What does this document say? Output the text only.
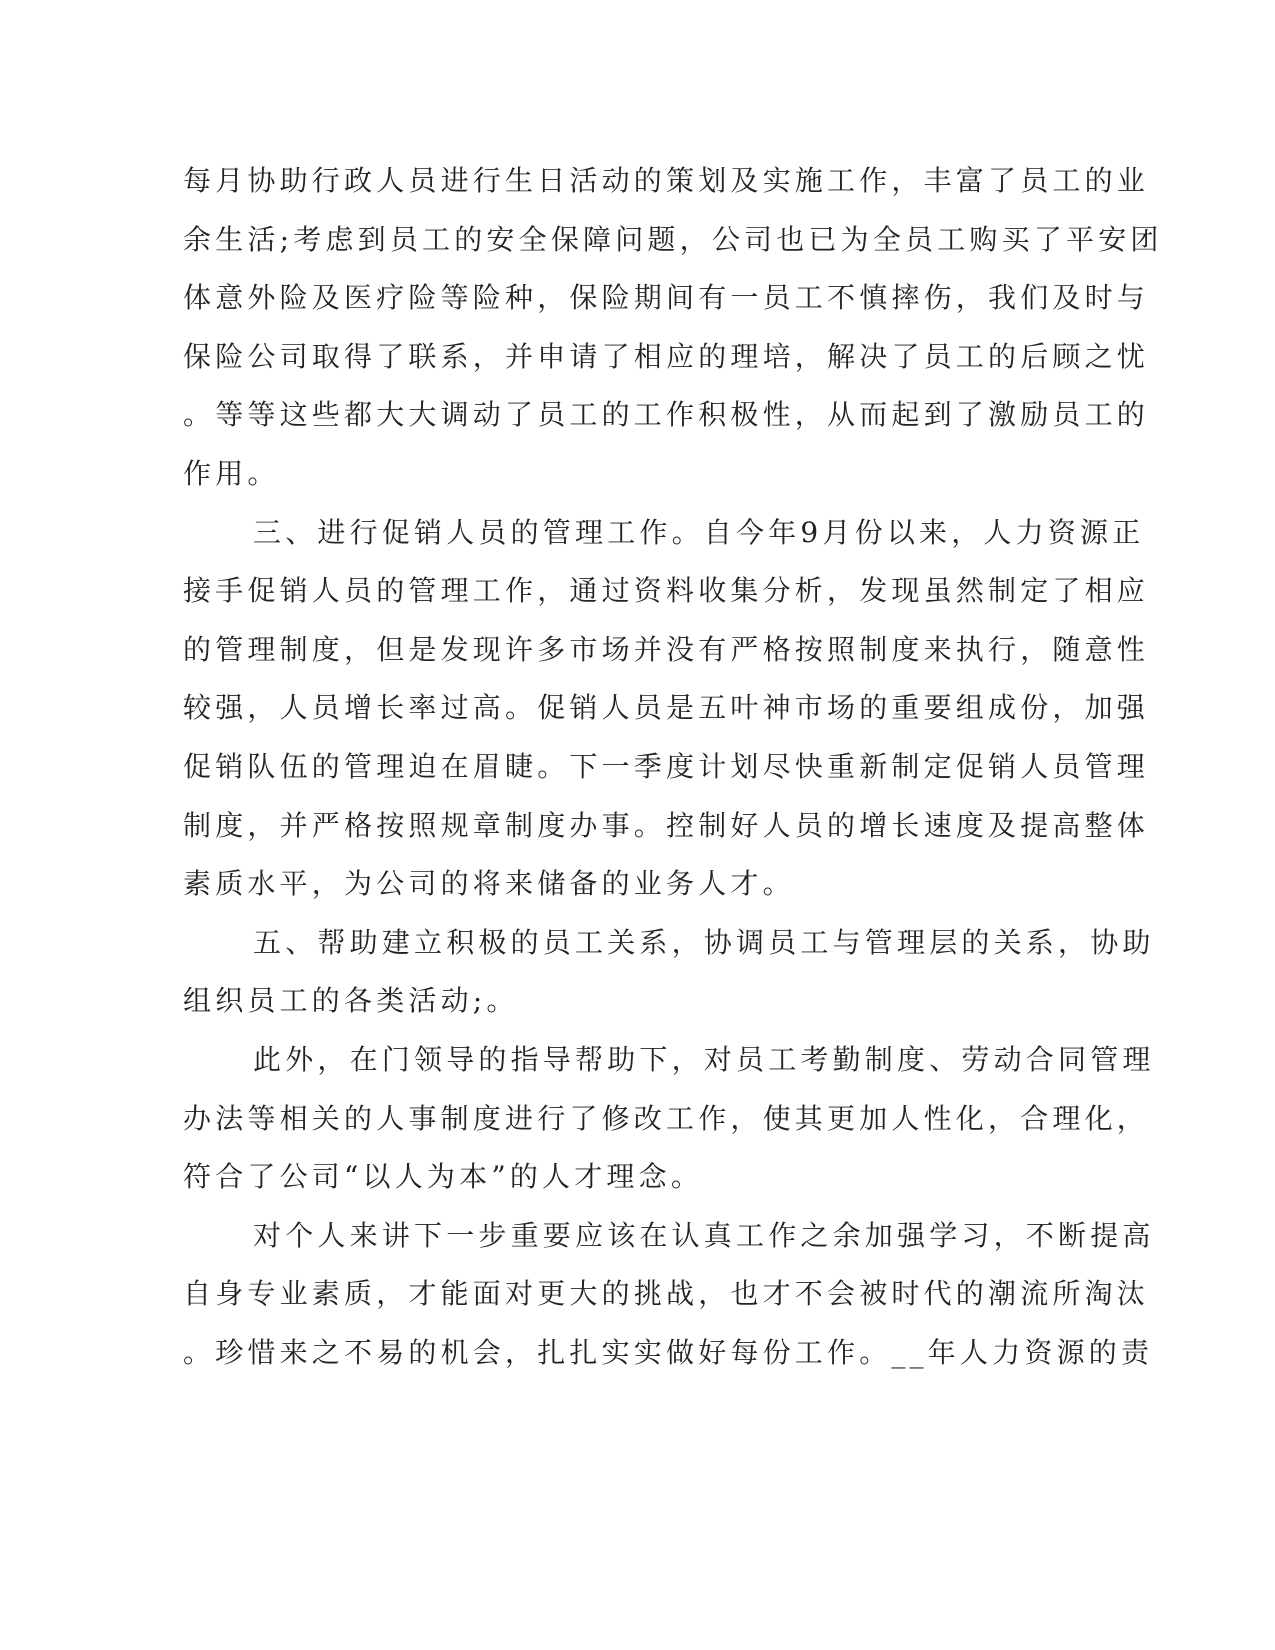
每月协助行政人员进行生日活动的策划及实施工作，丰富了员工的业
余生活;考虑到员工的安全保障问题，公司也已为全员工购买了平安团
体意外险及医疗险等险种，保险期间有一员工不慎摔伤，我们及时与
保险公司取得了联系，并申请了相应的理培，解决了员工的后顾之忧
。等等这些都大大调动了员工的工作积极性，从而起到了激励员工的
作用。
三、进行促销人员的管理工作。自今年9月份以来，人力资源正
接手促销人员的管理工作，通过资料收集分析，发现虽然制定了相应
的管理制度，但是发现许多市场并没有严格按照制度来执行，随意性
较强，人员增长率过高。促销人员是五叶神市场的重要组成份，加强
促销队伍的管理迫在眉睫。下一季度计划尽快重新制定促销人员管理
制度，并严格按照规章制度办事。控制好人员的增长速度及提高整体
素质水平，为公司的将来储备的业务人才。
五、帮助建立积极的员工关系，协调员工与管理层的关系，协助
组织员工的各类活动;。
此外，在门领导的指导帮助下，对员工考勤制度、劳动合同管理
办法等相关的人事制度进行了修改工作，使其更加人性化，合理化，
符合了公司“以人为本”的人才理念。
对个人来讲下一步重要应该在认真工作之余加强学习，不断提高
自身专业素质，才能面对更大的挑战，也才不会被时代的潮流所淘汰
。珍惜来之不易的机会，扎扎实实做好每份工作。__年人力资源的责
